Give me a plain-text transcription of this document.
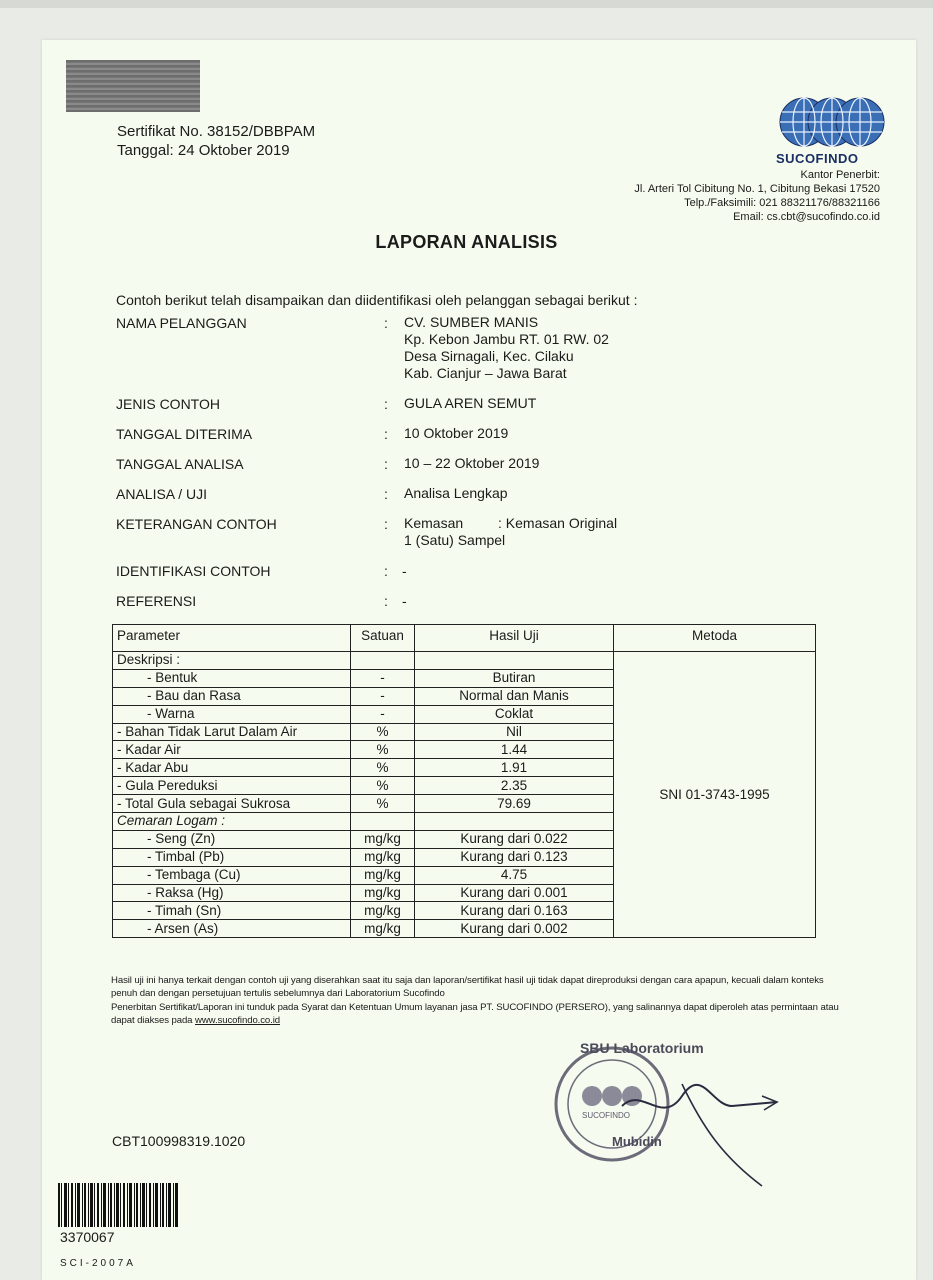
Sertifikat No. 38152/DBBPAM
Tanggal: 24 Oktober 2019	SUCOFINDO
Kantor Penerbit:
Jl. Arteri Tol Cibitung No. 1, Cibitung Bekasi 17520
Telp./Faksimili: 021 88321176/88321166
Email: cs.cbt@sucofindo.co.id
LAPORAN ANALISIS
Contoh berikut telah disampaikan dan diidentifikasi oleh pelanggan sebagai berikut :
NAMA PELANGGAN	: CV. SUMBER MANIS
Kp. Kebon Jambu RT. 01 RW. 02
Desa Sirnagali, Kec. Cilaku
Kab. Cianjur – Jawa Barat
JENIS CONTOH	: GULA AREN SEMUT
TANGGAL DITERIMA	: 10 Oktober 2019
TANGGAL ANALISA	: 10 – 22 Oktober 2019
ANALISA / UJI	: Analisa Lengkap
KETERANGAN CONTOH	: Kemasan : Kemasan Original
1 (Satu) Sampel
IDENTIFIKASI CONTOH	: -
REFERENSI	: -
Parameter	Satuan	Hasil Uji	Metoda
Deskripsi :			SNI 01-3743-1995
- Bentuk	-	Butiran	
- Bau dan Rasa	-	Normal dan Manis	
- Warna	-	Coklat	
- Bahan Tidak Larut Dalam Air	%	Nil	
- Kadar Air	%	1.44	
- Kadar Abu	%	1.91	
- Gula Pereduksi	%	2.35	
- Total Gula sebagai Sukrosa	%	79.69	
Cemaran Logam :			
- Seng (Zn)	mg/kg	Kurang dari 0.022	
- Timbal (Pb)	mg/kg	Kurang dari 0.123	
- Tembaga (Cu)	mg/kg	4.75	
- Raksa (Hg)	mg/kg	Kurang dari 0.001	
- Timah (Sn)	mg/kg	Kurang dari 0.163	
- Arsen (As)	mg/kg	Kurang dari 0.002	
Hasil uji ini hanya terkait dengan contoh uji yang diserahkan saat itu saja dan laporan/sertifikat hasil uji tidak dapat direproduksi dengan cara apapun, kecuali dalam konteks
penuh dan dengan persetujuan tertulis sebelumnya dari Laboratorium Sucofindo
Penerbitan Sertifikat/Laporan ini tunduk pada Syarat dan Ketentuan Umum layanan jasa PT. SUCOFINDO (PERSERO), yang salinannya dapat diperoleh atas permintaan atau
dapat diakses pada www.sucofindo.co.id
SUCOFINDO
SBU Laboratorium
Mubidin
CBT100998319.1020
3370067
SCI-2007A
